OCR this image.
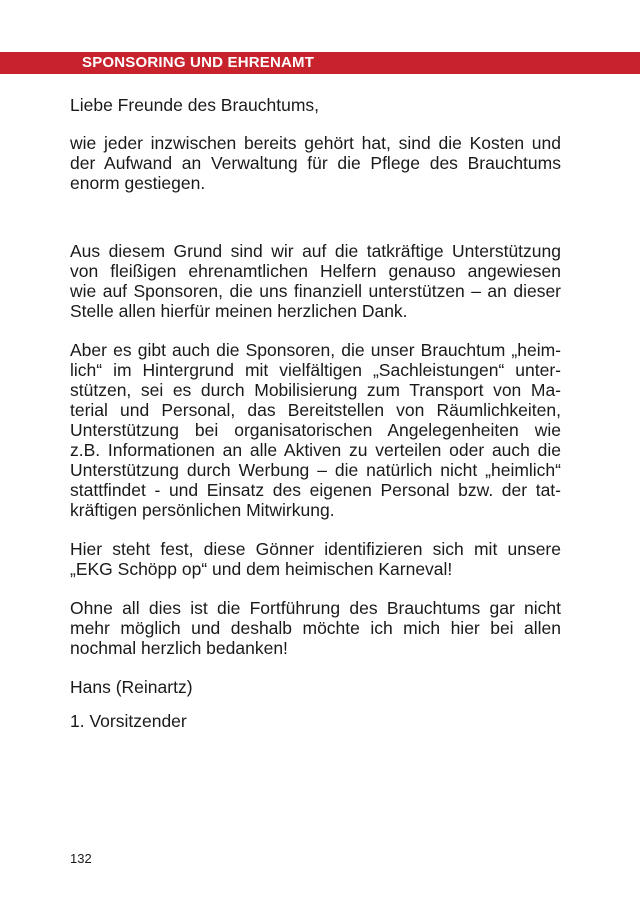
SPONSORING UND EHRENAMT

Liebe Freunde des Brauchtums,

wie jeder inzwischen bereits gehört hat, sind die Kosten und
der Aufwand an Verwaltung für die Pflege des Brauchtums
enorm gestiegen.

Aus diesem Grund sind wir auf die tatkräftige Unterstützung
von fleißigen ehrenamtlichen Helfern genauso angewiesen
wie auf Sponsoren, die uns finanziell unterstützen – an dieser
Stelle allen hierfür meinen herzlichen Dank.

Aber es gibt auch die Sponsoren, die unser Brauchtum „heim-
lich“ im Hintergrund mit vielfältigen „Sachleistungen“ unter-
stützen, sei es durch Mobilisierung zum Transport von Ma-
terial und Personal, das Bereitstellen von Räumlichkeiten,
Unterstützung bei organisatorischen Angelegenheiten wie
z.B. Informationen an alle Aktiven zu verteilen oder auch die
Unterstützung durch Werbung – die natürlich nicht „heimlich“
stattfindet - und Einsatz des eigenen Personal bzw. der tat-
kräftigen persönlichen Mitwirkung.

Hier steht fest, diese Gönner identifizieren sich mit unsere
„EKG Schöpp op“ und dem heimischen Karneval!

Ohne all dies ist die Fortführung des Brauchtums gar nicht
mehr möglich und deshalb möchte ich mich hier bei allen
nochmal herzlich bedanken!

Hans (Reinartz)

1. Vorsitzender

132
